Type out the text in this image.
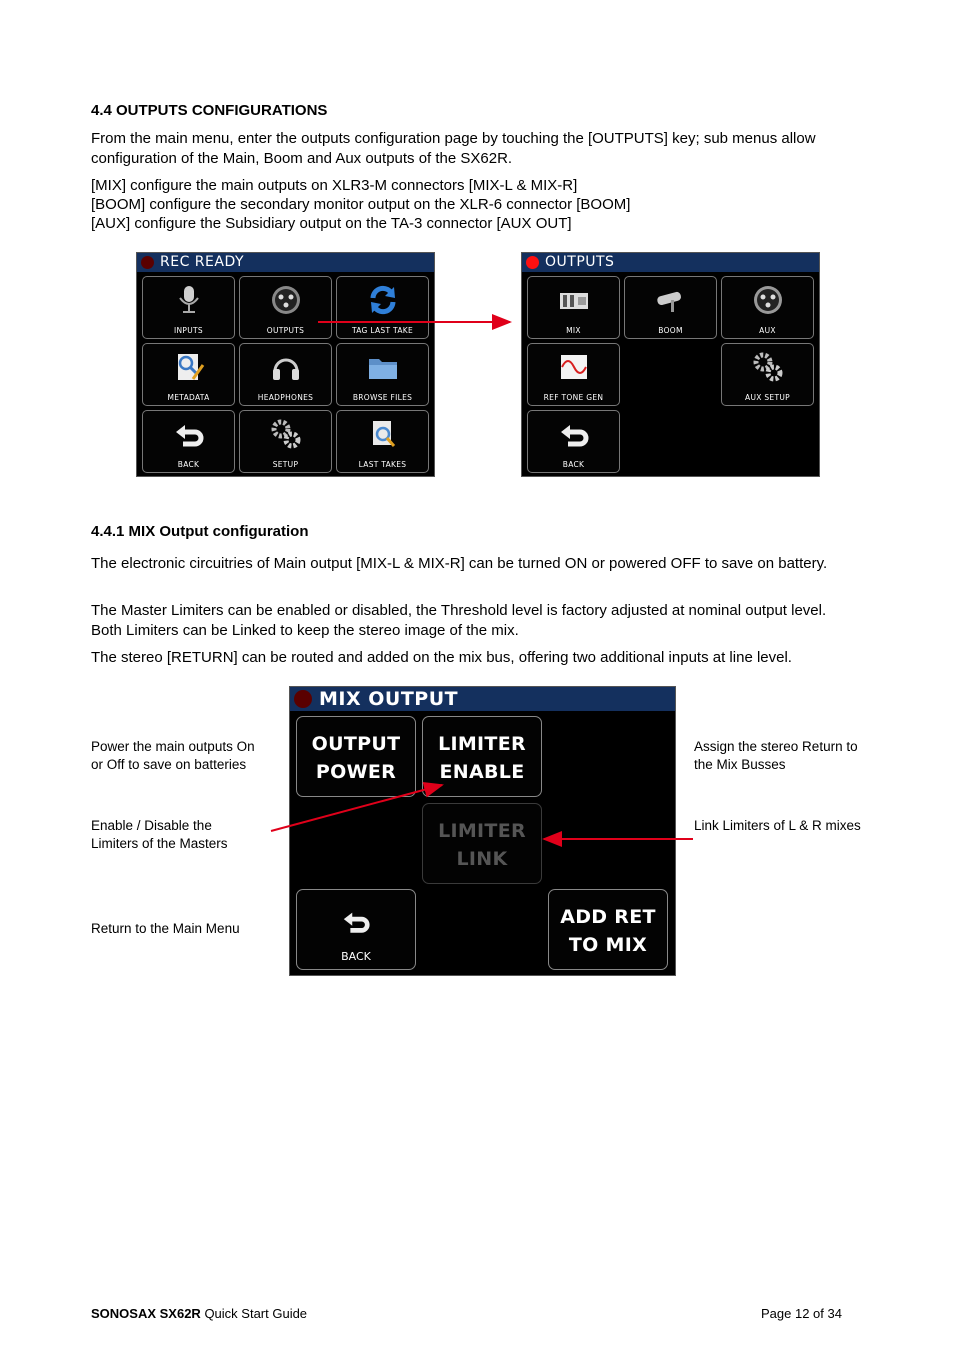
4.4 OUTPUTS CONFIGURATIONS
From the main menu, enter the outputs configuration page by touching the [OUTPUTS] key; sub menus allow configuration of the Main, Boom and Aux outputs of the SX62R.
[MIX] configure the main outputs on XLR3-M connectors [MIX-L & MIX-R]
[BOOM] configure the secondary monitor output on the XLR-6 connector [BOOM]
[AUX] configure the Subsidiary output on the TA-3 connector [AUX OUT]
REC READY
INPUTS	OUTPUTS	TAG LAST TAKE
METADATA	HEADPHONES	BROWSE FILES
BACK	SETUP	LAST TAKES
OUTPUTS
MIX	BOOM	AUX
REF TONE GEN	AUX SETUP
BACK
4.4.1 MIX Output configuration
The electronic circuitries of Main output [MIX-L & MIX-R] can be turned ON or powered OFF to save on battery.
The Master Limiters can be enabled or disabled, the Threshold level is factory adjusted at nominal output level. Both Limiters can be Linked to keep the stereo image of the mix.
The stereo [RETURN] can be routed and added on the mix bus, offering two additional inputs at line level.
MIX OUTPUT
OUTPUT
POWER
LIMITER
ENABLE
LIMITER
LINK
BACK
ADD RET
TO MIX
Power the main outputs On
or Off to save on batteries
Enable / Disable the
Limiters of the Masters
Return to the Main Menu
Assign the stereo Return to
the Mix Busses
Link Limiters of L & R mixes
SONOSAX SX62R Quick Start Guide	Page 12 of 34
